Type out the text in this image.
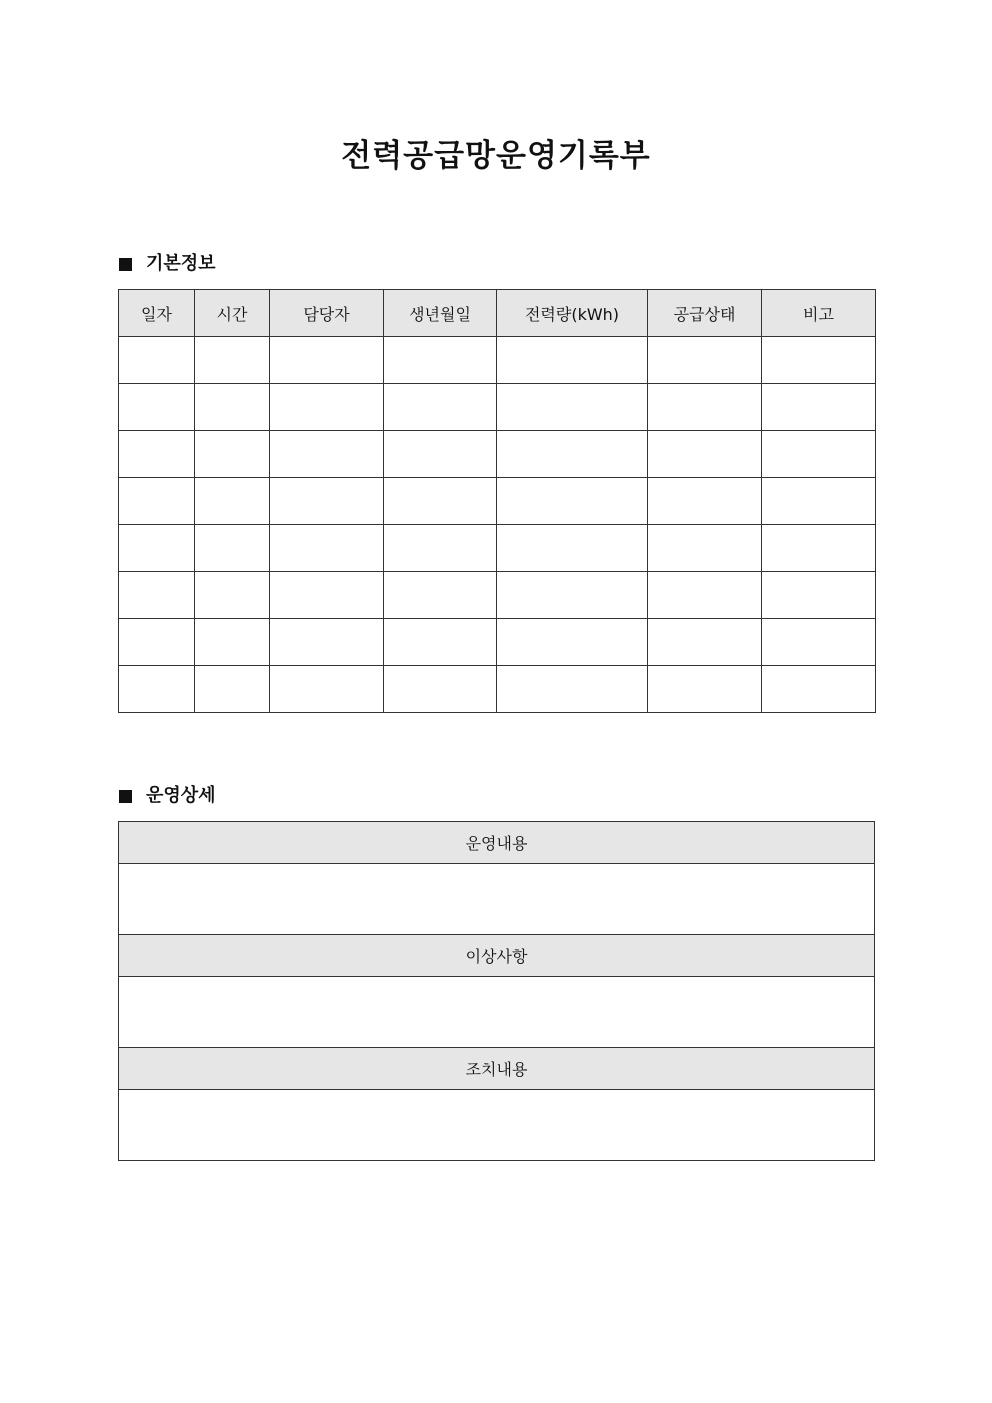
전력공급망운영기록부
기본정보
일자	시간	담당자	생년월일	전력량(kWh)	공급상태	비고

운영상세
운영내용

이상사항

조치내용
